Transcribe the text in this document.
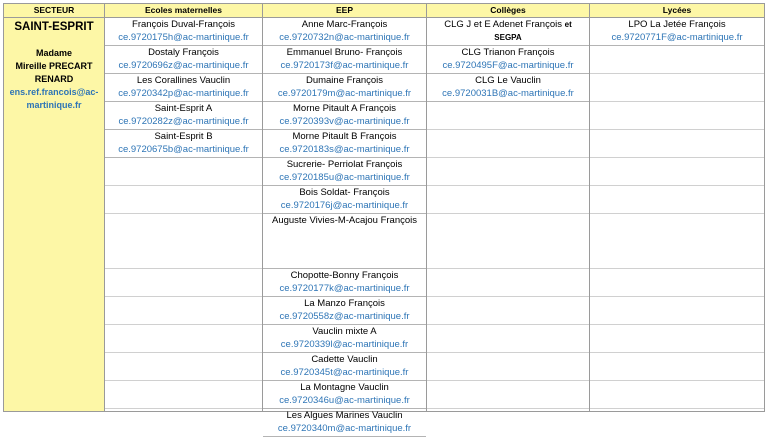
SECTEUR
SAINT-ESPRIT
Madame
Mireille PRECART
RENARD
ens.ref.francois@ac-
martinique.fr
Ecoles maternelles
François Duval-François
ce.9720175h@ac-martinique.fr
Dostaly François
ce.9720696z@ac-martinique.fr
Les Corallines Vauclin
ce.9720342p@ac-martinique.fr
Saint-Esprit A
ce.9720282z@ac-martinique.fr
Saint-Esprit B
ce.9720675b@ac-martinique.fr
EEP
Anne Marc-François
ce.9720732n@ac-martinique.fr
Emmanuel Bruno- François
ce.9720173f@ac-martinique.fr
Dumaine François
ce.9720179m@ac-martinique.fr
Morne Pitault A François
ce.9720393v@ac-martinique.fr
Morne Pitault B François
ce.9720183s@ac-martinique.fr
Sucrerie- Perriolat François
ce.9720185u@ac-martinique.fr
Bois Soldat- François
ce.9720176j@ac-martinique.fr
Auguste Vivies-M-Acajou François
Chopotte-Bonny François
ce.9720177k@ac-martinique.fr
La Manzo François
ce.9720558z@ac-martinique.fr
Vauclin mixte A
ce.9720339l@ac-martinique.fr
Cadette Vauclin
ce.9720345t@ac-martinique.fr
La Montagne Vauclin
ce.9720346u@ac-martinique.fr
Les Algues Marines Vauclin
ce.9720340m@ac-martinique.fr
Collèges
CLG J et E Adenet François et
SEGPA
CLG Trianon François
ce.9720495F@ac-martinique.fr
CLG Le Vauclin
ce.9720031B@ac-martinique.fr
Lycées
LPO La Jetée François
ce.9720771F@ac-martinique.fr
